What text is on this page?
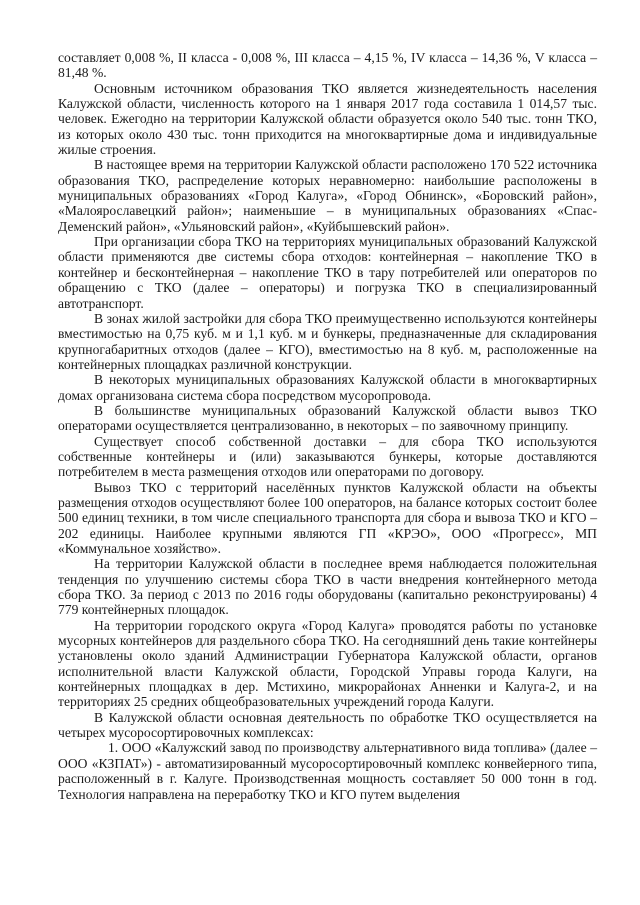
составляет 0,008 %, II класса - 0,008 %, III класса – 4,15 %, IV класса – 14,36 %, V класса – 81,48 %.

Основным источником образования ТКО является жизнедеятельность населения Калужской области, численность которого на 1 января 2017 года составила 1 014,57 тыс. человек. Ежегодно на территории Калужской области образуется около 540 тыс. тонн ТКО, из которых около 430 тыс. тонн приходится на многоквартирные дома и индивидуальные жилые строения.

В настоящее время на территории Калужской области расположено 170 522 источника образования ТКО, распределение которых неравномерно: наибольшие расположены в муниципальных образованиях «Город Калуга», «Город Обнинск», «Боровский район», «Малоярославецкий район»; наименьшие – в муниципальных образованиях «Спас-Деменский район», «Ульяновский район», «Куйбышевский район».

При организации сбора ТКО на территориях муниципальных образований Калужской области применяются две системы сбора отходов: контейнерная – накопление ТКО в контейнер и бесконтейнерная – накопление ТКО в тару потребителей или операторов по обращению с ТКО (далее – операторы) и погрузка ТКО в специализированный автотранспорт.

В зонах жилой застройки для сбора ТКО преимущественно используются контейнеры вместимостью на 0,75 куб. м и 1,1 куб. м и бункеры, предназначенные для складирования крупногабаритных отходов (далее – КГО), вместимостью на 8 куб. м, расположенные на контейнерных площадках различной конструкции.

В некоторых муниципальных образованиях Калужской области в многоквартирных домах организована система сбора посредством мусоропровода.

В большинстве муниципальных образований Калужской области вывоз ТКО операторами осуществляется централизованно, в некоторых – по заявочному принципу.

Существует способ собственной доставки – для сбора ТКО используются собственные контейнеры и (или) заказываются бункеры, которые доставляются потребителем в места размещения отходов или операторами по договору.

Вывоз ТКО с территорий населённых пунктов Калужской области на объекты размещения отходов осуществляют более 100 операторов, на балансе которых состоит более 500 единиц техники, в том числе специального транспорта для сбора и вывоза ТКО и КГО – 202 единицы. Наиболее крупными являются ГП «КРЭО», ООО «Прогресс», МП «Коммунальное хозяйство».

На территории Калужской области в последнее время наблюдается положительная тенденция по улучшению системы сбора ТКО в части внедрения контейнерного метода сбора ТКО. За период с 2013 по 2016 годы оборудованы (капитально реконструированы) 4 779 контейнерных площадок.

На территории городского округа «Город Калуга» проводятся работы по установке мусорных контейнеров для раздельного сбора ТКО. На сегодняшний день такие контейнеры установлены около зданий Администрации Губернатора Калужской области, органов исполнительной власти Калужской области, Городской Управы города Калуги, на контейнерных площадках в дер. Мстихино, микрорайонах Анненки и Калуга-2, и на территориях 25 средних общеобразовательных учреждений города Калуги.

В Калужской области основная деятельность по обработке ТКО осуществляется на четырех мусоросортировочных комплексах:

1. ООО «Калужский завод по производству альтернативного вида топлива» (далее – ООО «КЗПАТ») - автоматизированный мусоросортировочный комплекс конвейерного типа, расположенный в г. Калуге. Производственная мощность составляет 50 000 тонн в год. Технология направлена на переработку ТКО и КГО путем выделения
